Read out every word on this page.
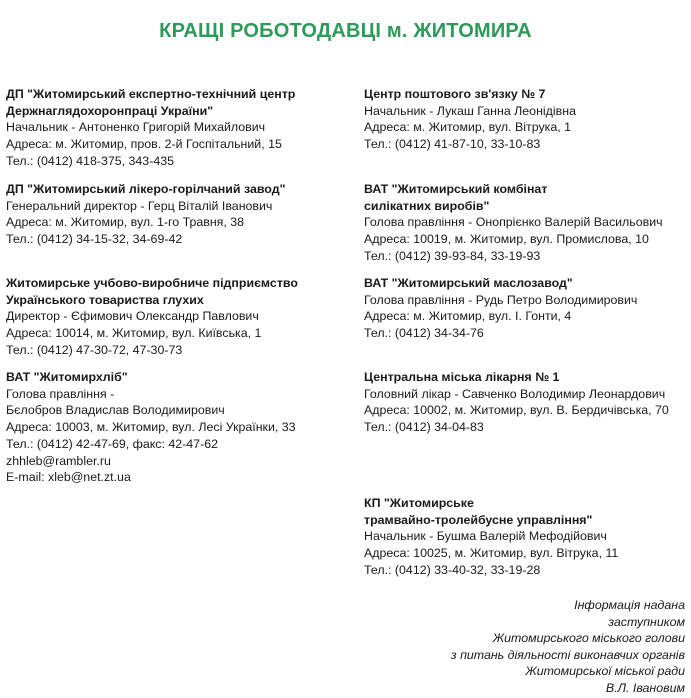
КРАЩІ РОБОТОДАВЦІ м. ЖИТОМИРА
ДП "Житомирський експертно-технічний центр
Держнаглядохоронпраці України"
Начальник - Антоненко Григорій Михайлович
Адреса: м. Житомир, пров. 2-й Госпітальний, 15
Тел.: (0412) 418-375, 343-435
ДП "Житомирський лікеро-горілчаний завод"
Генеральний директор - Герц Віталій Іванович
Адреса: м. Житомир, вул. 1-го Травня, 38
Тел.: (0412) 34-15-32, 34-69-42
Житомирське учбово-виробниче підприємство
Українського товариства глухих
Директор - Єфимович Олександр Павлович
Адреса: 10014, м. Житомир, вул. Київська, 1
Тел.: (0412) 47-30-72, 47-30-73
ВАТ "Житомирхліб"
Голова правління -
Бєлобров Владислав Володимирович
Адреса: 10003, м. Житомир, вул. Лесі Українки, 33
Тел.: (0412) 42-47-69, факс: 42-47-62
zhhleb@rambler.ru
E-mail: xleb@net.zt.ua
Центр поштового зв'язку № 7
Начальник - Лукаш Ганна Леонідівна
Адреса: м. Житомир, вул. Вітрука, 1
Тел.: (0412) 41-87-10, 33-10-83
ВАТ "Житомирський комбінат
силікатних виробів"
Голова правління - Онопрієнко Валерій Васильович
Адреса: 10019, м. Житомир, вул. Промислова, 10
Тел.: (0412) 39-93-84, 33-19-93
ВАТ "Житомирський маслозавод"
Голова правління - Рудь Петро Володимирович
Адреса: м. Житомир, вул. І. Гонти, 4
Тел.: (0412) 34-34-76
Центральна міська лікарня № 1
Головний лікар - Савченко Володимир Леонардович
Адреса: 10002, м. Житомир, вул. В. Бердичівська, 70
Тел.: (0412) 34-04-83
КП "Житомирське
трамвайно-тролейбусне управління"
Начальник - Бушма Валерій Мефодійович
Адреса: 10025, м. Житомир, вул. Вітрука, 11
Тел.: (0412) 33-40-32, 33-19-28
Інформація надана
заступником
Житомирського міського голови
з питань діяльності виконавчих органів
Житомирської міської ради
В.Л. Івановим
